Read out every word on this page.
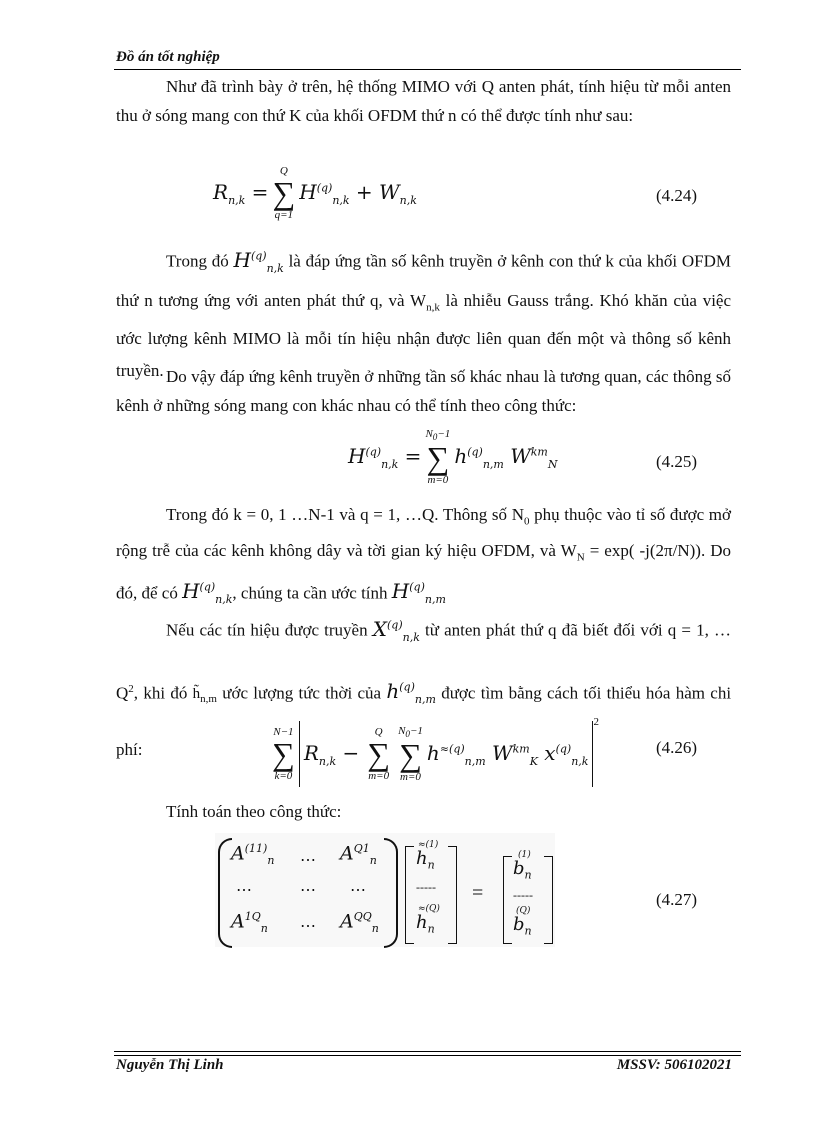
Đồ án tốt nghiệp
Như đã trình bày ở trên, hệ thống MIMO với Q anten phát, tính hiệu từ mỗi anten thu ở sóng mang con thứ K của khối OFDM thứ n có thể được tính như sau:
$R_{n,k}$ =
Q
∑
q=1
$H^{(q)}_{n,k} + W_{n,k}$	(4.24)
Trong đó $H^{(q)}_{n,k}$ là đáp ứng tần số kênh truyền ở kênh con thứ k của khối OFDM thứ n tương ứng với anten phát thứ q, và $W_{n,k}$ là nhiễu Gauss trắng. Khó khăn của việc ước lượng kênh MIMO là mỗi tín hiệu nhận được liên quan đến một và thông số kênh truyền. Do vậy đáp ứng kênh truyền ở những tần số khác nhau là tương quan, các thông số kênh ở những sóng mang con khác nhau có thể tính theo công thức:
$H^{(q)}_{n,k}$ =
$N_0-1$
∑
m=0
$h^{(q)}_{n,m}$ $W^{km}_N$	(4.25)
Trong đó k = 0, 1 …N-1 và q = 1, …Q. Thông số $N_0$ phụ thuộc vào tỉ số được mở rộng trễ của các kênh không dây và tời gian ký hiệu OFDM, và $W_N = \exp$( -j(2π/N)). Do đó, để có $H^{(q)}_{n,k}$, chúng ta cần ước tính $H^{(q)}_{n,m}$
Nếu các tín hiệu được truyền $X^{(q)}_{n,k}$ từ anten phát thứ q đã biết đối với q = 1, … $Q^2$, khi đó $h̃_{n,m}$ ước lượng tức thời của $h^{(q)}_{n,m}$ được tìm bằng cách tối thiểu hóa hàm chi phí:
N−1
∑
k=0
$R_{n,k}$ −
Q
∑
m=0
$N_0-1$
∑
m=0
$h^{\approx(q)}_{n,m}$ $W^{km}_K$ $x^{(q)}_{n,k}$
2
(4.26)
Tính toán theo công thức:
$A^{(11)}_n$ ⋯ $A^{Q1}_n$
⋯	⋯ ⋯
$A^{1Q}_n$ ⋯ $A^{QQ}_n$
≈(1)
$h_n$
-----
≈(Q)
$h_n$
=
(1)
$b_n$
-----
(Q)
$b_n$
(4.27)
Nguyễn Thị Linh	MSSV: 506102021
